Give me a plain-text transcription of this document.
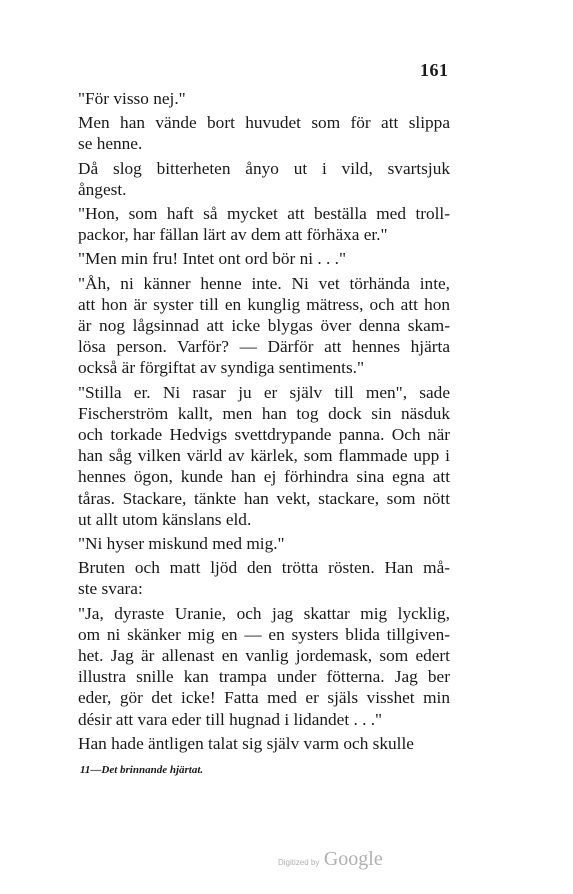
161
"För visso nej."
Men han vände bort huvudet som för att slippa
se henne.
Då slog bitterheten ånyo ut i vild, svartsjuk
ångest.
"Hon, som haft så mycket att beställa med troll-
packor, har fällan lärt av dem att förhäxa er."
"Men min fru! Intet ont ord bör ni . . ."
"Åh, ni känner henne inte. Ni vet törhända inte,
att hon är syster till en kunglig mätress, och att hon
är nog lågsinnad att icke blygas över denna skam-
lösa person. Varför? — Därför att hennes hjärta
också är förgiftat av syndiga sentiments."
"Stilla er. Ni rasar ju er själv till men", sade
Fischerström kallt, men han tog dock sin näsduk
och torkade Hedvigs svettdrypande panna. Och när
han såg vilken värld av kärlek, som flammade upp i
hennes ögon, kunde han ej förhindra sina egna att
tåras. Stackare, tänkte han vekt, stackare, som nött
ut allt utom känslans eld.
"Ni hyser miskund med mig."
Bruten och matt ljöd den trötta rösten. Han må-
ste svara:
"Ja, dyraste Uranie, och jag skattar mig lycklig,
om ni skänker mig en — en systers blida tillgiven-
het. Jag är allenast en vanlig jordemask, som edert
illustra snille kan trampa under fötterna. Jag ber
eder, gör det icke! Fatta med er själs visshet min
désir att vara eder till hugnad i lidandet . . ."
Han hade äntligen talat sig själv varm och skulle
11—Det brinnande hjärtat.
Digitized by Google
